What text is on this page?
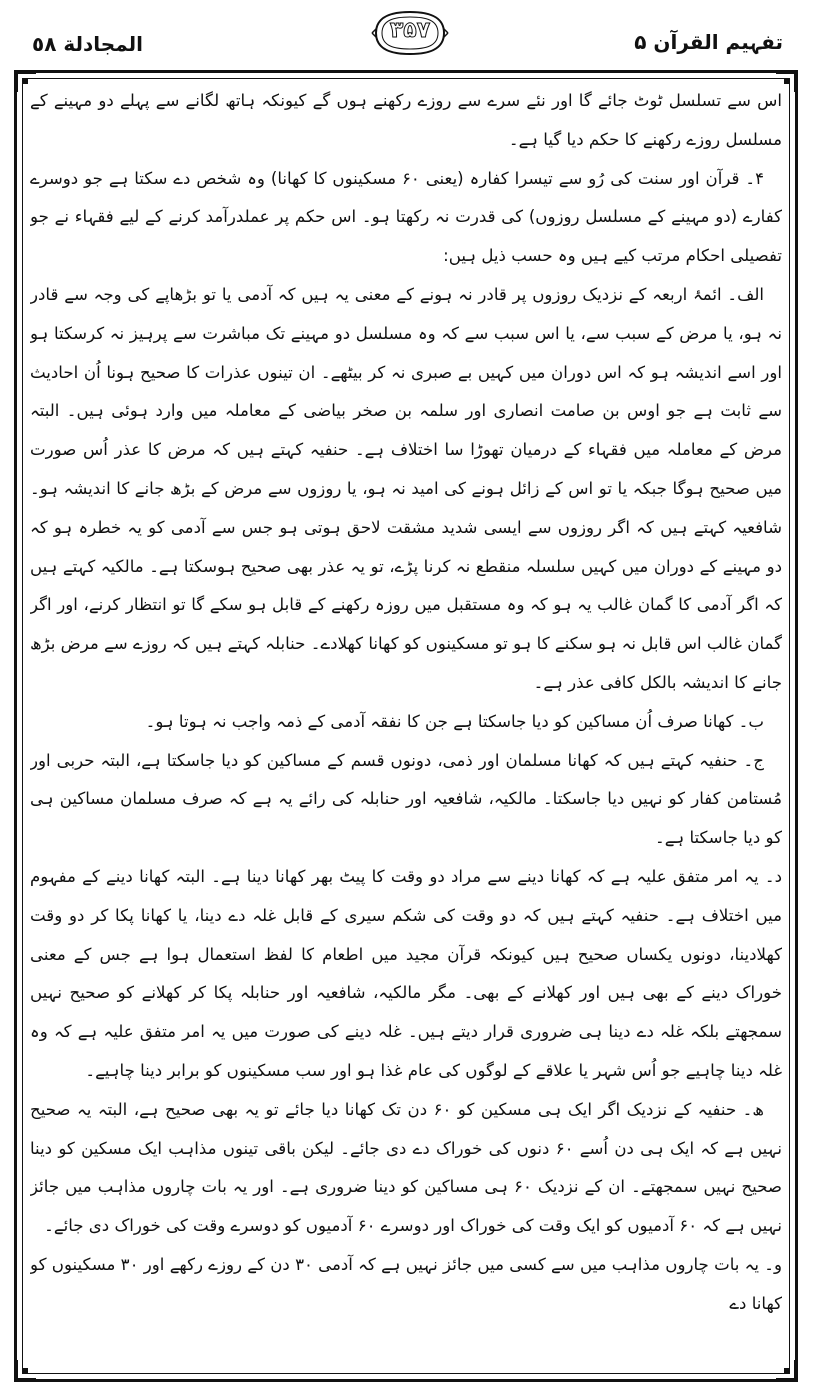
المجادلة ٥٨
۳۵۷	تفہیم القرآن ۵

اس سے تسلسل ٹوٹ جائے گا اور نئے سرے سے روزے رکھنے ہوں گے کیونکہ ہاتھ لگانے سے پہلے دو مہینے کے مسلسل روزے رکھنے کا حکم دیا گیا ہے۔

۴۔ قرآن اور سنت کی رُو سے تیسرا کفارہ (یعنی ۶۰ مسکینوں کا کھانا) وہ شخص دے سکتا ہے جو دوسرے کفارے (دو مہینے کے مسلسل روزوں) کی قدرت نہ رکھتا ہو۔ اس حکم پر عملدرآمد کرنے کے لیے فقہاء نے جو تفصیلی احکام مرتب کیے ہیں وہ حسب ذیل ہیں:

الف۔ ائمۂ اربعہ کے نزدیک روزوں پر قادر نہ ہونے کے معنی یہ ہیں کہ آدمی یا تو بڑھاپے کی وجہ سے قادر نہ ہو، یا مرض کے سبب سے، یا اس سبب سے کہ وہ مسلسل دو مہینے تک مباشرت سے پرہیز نہ کرسکتا ہو اور اسے اندیشہ ہو کہ اس دوران میں کہیں بے صبری نہ کر بیٹھے۔ ان تینوں عذرات کا صحیح ہونا اُن احادیث سے ثابت ہے جو اوس بن صامت انصاری اور سلمہ بن صخر بیاضی کے معاملہ میں وارد ہوئی ہیں۔ البتہ مرض کے معاملہ میں فقہاء کے درمیان تھوڑا سا اختلاف ہے۔ حنفیہ کہتے ہیں کہ مرض کا عذر اُس صورت میں صحیح ہوگا جبکہ یا تو اس کے زائل ہونے کی امید نہ ہو، یا روزوں سے مرض کے بڑھ جانے کا اندیشہ ہو۔ شافعیہ کہتے ہیں کہ اگر روزوں سے ایسی شدید مشقت لاحق ہوتی ہو جس سے آدمی کو یہ خطرہ ہو کہ دو مہینے کے دوران میں کہیں سلسلہ منقطع نہ کرنا پڑے، تو یہ عذر بھی صحیح ہوسکتا ہے۔ مالکیہ کہتے ہیں کہ اگر آدمی کا گمان غالب یہ ہو کہ وہ مستقبل میں روزہ رکھنے کے قابل ہو سکے گا تو انتظار کرنے، اور اگر گمان غالب اس قابل نہ ہو سکنے کا ہو تو مسکینوں کو کھانا کھلادے۔ حنابلہ کہتے ہیں کہ روزے سے مرض بڑھ جانے کا اندیشہ بالکل کافی عذر ہے۔

ب۔ کھانا صرف اُن مساکین کو دیا جاسکتا ہے جن کا نفقہ آدمی کے ذمہ واجب نہ ہوتا ہو۔

ج۔ حنفیہ کہتے ہیں کہ کھانا مسلمان اور ذمی، دونوں قسم کے مساکین کو دیا جاسکتا ہے، البتہ حربی اور مُستامن کفار کو نہیں دیا جاسکتا۔ مالکیہ، شافعیہ اور حنابلہ کی رائے یہ ہے کہ صرف مسلمان مساکین ہی کو دیا جاسکتا ہے۔

د۔ یہ امر متفق علیہ ہے کہ کھانا دینے سے مراد دو وقت کا پیٹ بھر کھانا دینا ہے۔ البتہ کھانا دینے کے مفہوم میں اختلاف ہے۔ حنفیہ کہتے ہیں کہ دو وقت کی شکم سیری کے قابل غلہ دے دینا، یا کھانا پکا کر دو وقت کھلادینا، دونوں یکساں صحیح ہیں کیونکہ قرآن مجید میں اطعام کا لفظ استعمال ہوا ہے جس کے معنی خوراک دینے کے بھی ہیں اور کھلانے کے بھی۔ مگر مالکیہ، شافعیہ اور حنابلہ پکا کر کھلانے کو صحیح نہیں سمجھتے بلکہ غلہ دے دینا ہی ضروری قرار دیتے ہیں۔ غلہ دینے کی صورت میں یہ امر متفق علیہ ہے کہ وہ غلہ دینا چاہیے جو اُس شہر یا علاقے کے لوگوں کی عام غذا ہو اور سب مسکینوں کو برابر دینا چاہیے۔

ھ۔ حنفیہ کے نزدیک اگر ایک ہی مسکین کو ۶۰ دن تک کھانا دیا جائے تو یہ بھی صحیح ہے، البتہ یہ صحیح نہیں ہے کہ ایک ہی دن اُسے ۶۰ دنوں کی خوراک دے دی جائے۔ لیکن باقی تینوں مذاہب ایک مسکین کو دینا صحیح نہیں سمجھتے۔ ان کے نزدیک ۶۰ ہی مساکین کو دینا ضروری ہے۔ اور یہ بات چاروں مذاہب میں جائز نہیں ہے کہ ۶۰ آدمیوں کو ایک وقت کی خوراک اور دوسرے ۶۰ آدمیوں کو دوسرے وقت کی خوراک دی جائے۔

و۔ یہ بات چاروں مذاہب میں سے کسی میں جائز نہیں ہے کہ آدمی ۳۰ دن کے روزے رکھے اور ۳۰ مسکینوں کو کھانا دے
